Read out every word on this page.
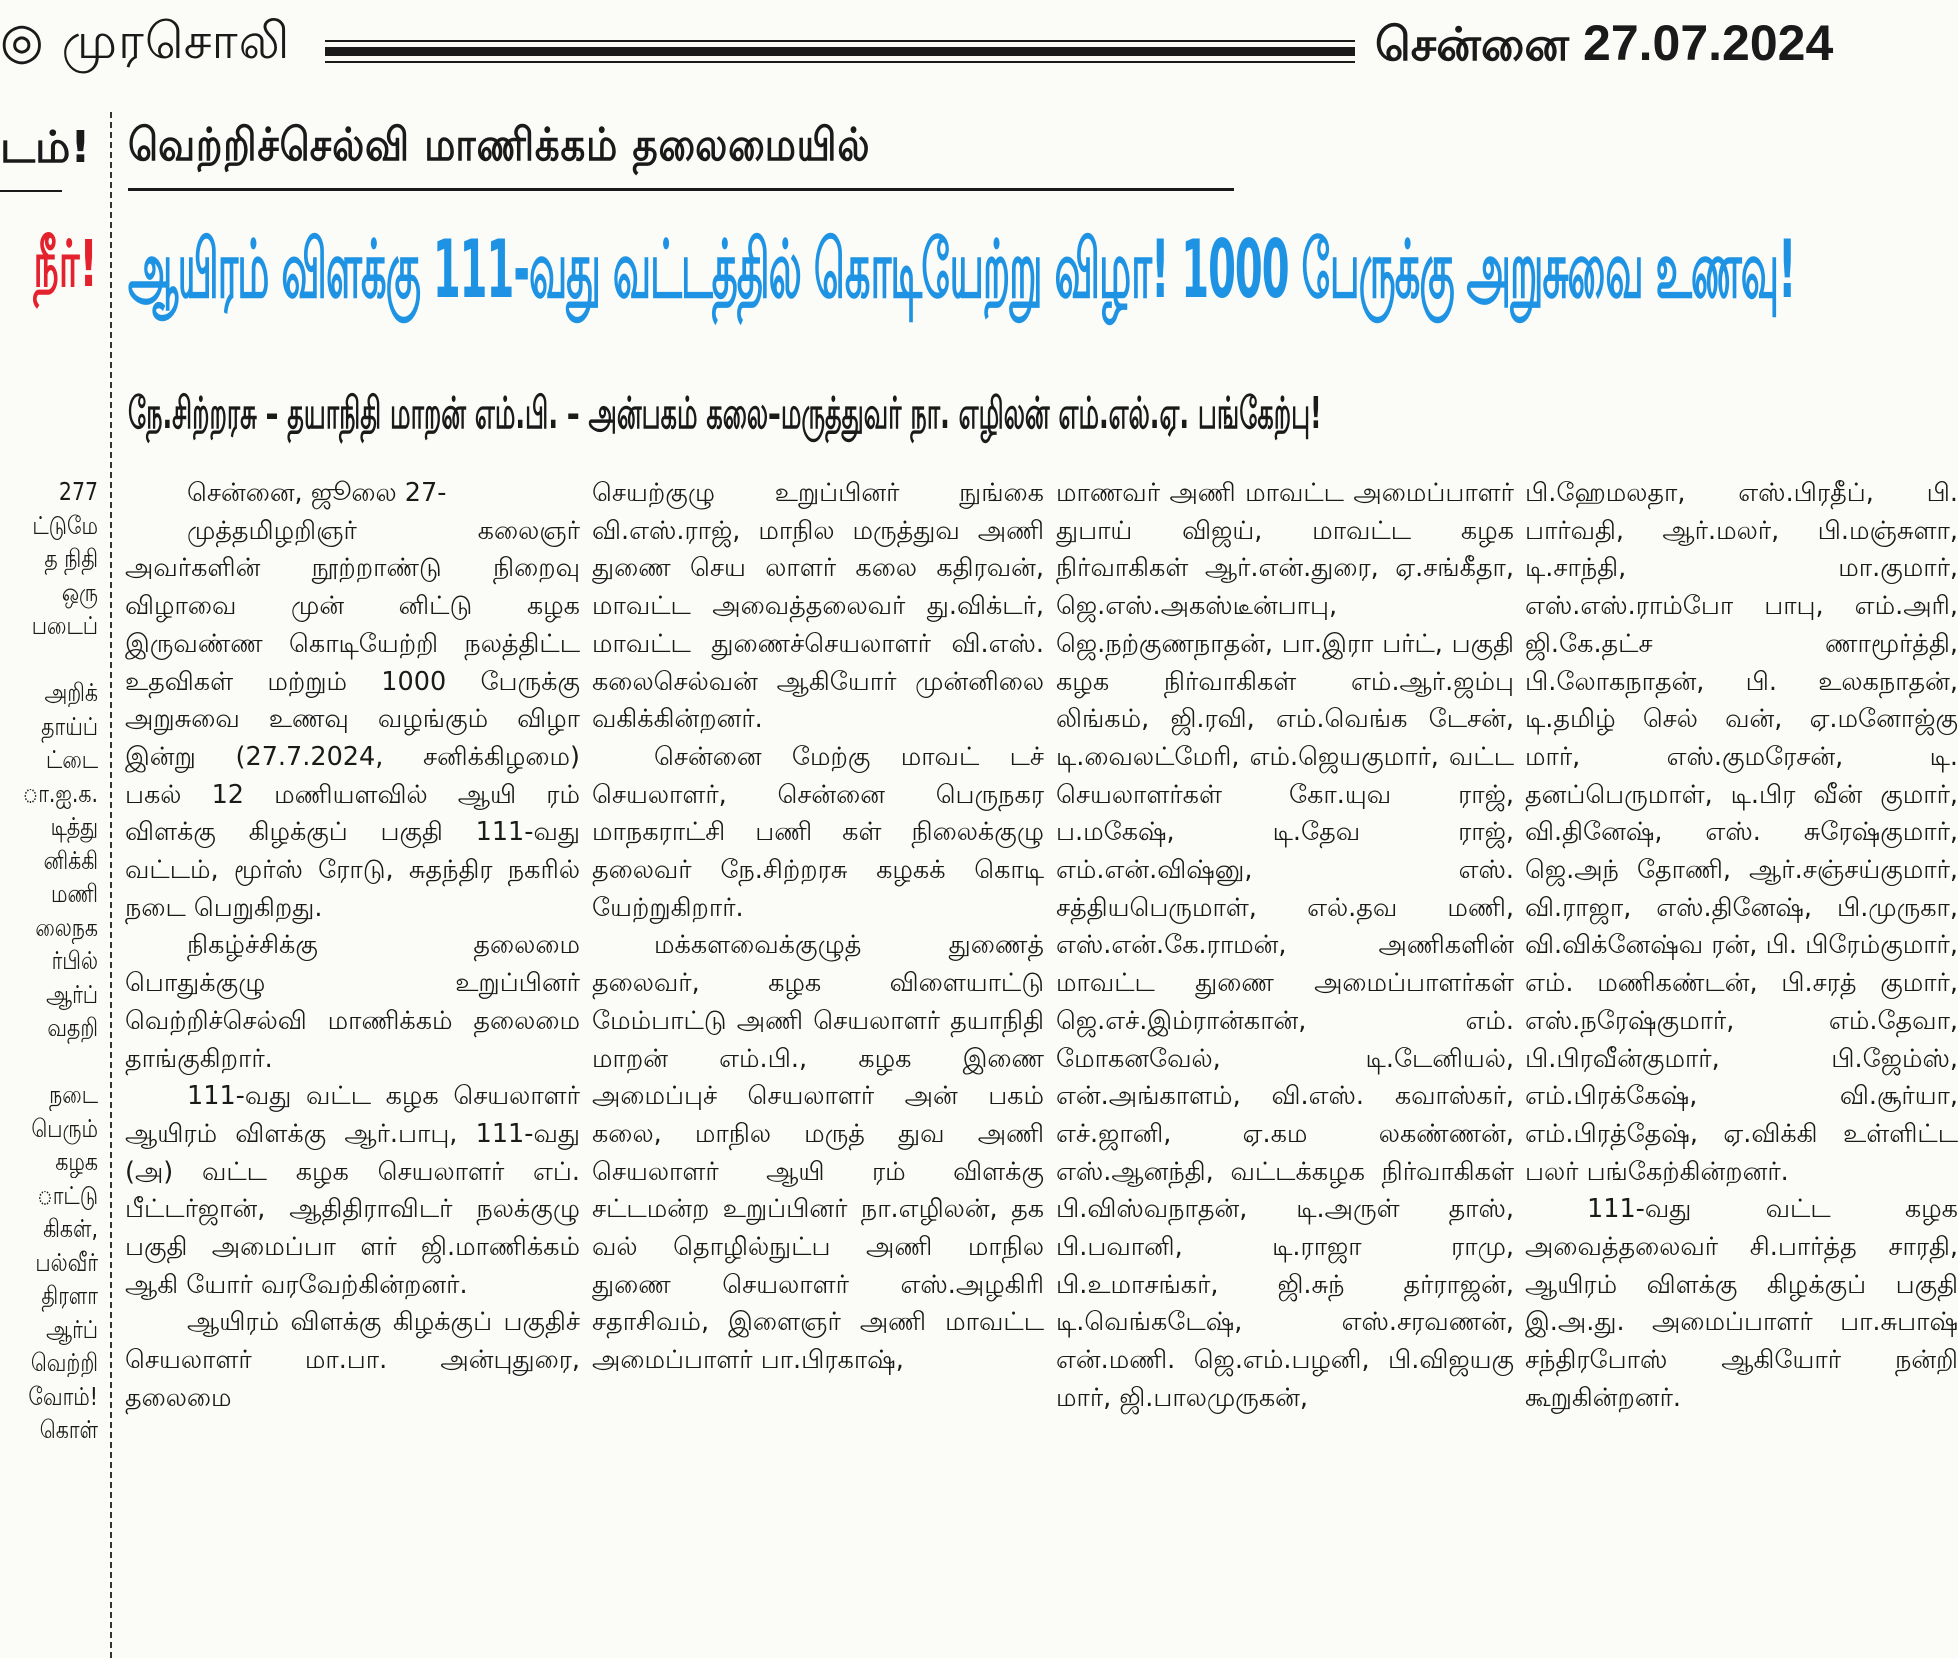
◎ முரசொலி	சென்னை 27.07.2024
டம்!
நீர்!
277
ட்டுமே
த நிதி
ஒரு
படைப்

அறிக்
தாய்ப்
ட்டை
ா.ஐ.க.
டித்து
னிக்கி
மணி
லைநக
ர்பில்
ஆர்ப்
வதறி

நடை
பெரும்
கழக
ாட்டு
கிகள்,
பல்வீர்
திரளா
ஆர்ப்
வெற்றி
வோம்!
கொள்
வெற்றிச்செல்வி மாணிக்கம் தலைமையில்
ஆயிரம் விளக்கு 111-வது வட்டத்தில் கொடியேற்று விழா! 1000 பேருக்கு அறுசுவை உணவு!
நே.சிற்றரசு – தயாநிதி மாறன் எம்.பி. – அன்பகம் கலை–மருத்துவர் நா. எழிலன் எம்.எல்.ஏ. பங்கேற்பு!

சென்னை, ஜூலை 27-

முத்தமிழறிஞர் கலைஞர் அவர்களின் நூற்றாண்டு நிறைவு விழாவை முன் னிட்டு கழக இருவண்ண கொடியேற்றி நலத்திட்ட உதவிகள் மற்றும் 1000 பேருக்கு அறுசுவை உணவு வழங்கும் விழா இன்று (27.7.2024, சனிக்கிழமை) பகல் 12 மணியளவில் ஆயி ரம் விளக்கு கிழக்குப் பகுதி 111-வது வட்டம், மூர்ஸ் ரோடு, சுதந்திர நகரில் நடை பெறுகிறது.

நிகழ்ச்சிக்கு தலைமை பொதுக்குழு உறுப்பினர் வெற்றிச்செல்வி மாணிக்கம் தலைமை தாங்குகிறார்.

111-வது வட்ட கழக செயலாளர் ஆயிரம் விளக்கு ஆர்.பாபு, 111-வது (அ) வட்ட கழக செயலாளர் எப். பீட்டர்ஜான், ஆதிதிராவிடர் நலக்குழு பகுதி அமைப்பா ளர் ஜி.மாணிக்கம் ஆகி யோர் வரவேற்கின்றனர்.

ஆயிரம் விளக்கு கிழக்குப் பகுதிச் செயலாளர் மா.பா. அன்புதுரை, தலைமை

செயற்குழு உறுப்பினர் நுங்கை வி.எஸ்.ராஜ், மாநில மருத்துவ அணி துணை செய லாளர் கலை கதிரவன், மாவட்ட அவைத்தலைவர் து.விக்டர், மாவட்ட துணைச்செயலாளர் வி.எஸ். கலைசெல்வன் ஆகியோர் முன்னிலை வகிக்கின்றனர்.

சென்னை மேற்கு மாவட் டச் செயலாளர், சென்னை பெருநகர மாநகராட்சி பணி கள் நிலைக்குழு தலைவர் நே.சிற்றரசு கழகக் கொடி யேற்றுகிறார்.

மக்களவைக்குழுத் துணைத் தலைவர், கழக விளையாட்டு மேம்பாட்டு அணி செயலாளர் தயாநிதி மாறன் எம்.பி., கழக இணை அமைப்புச் செயலாளர் அன் பகம் கலை, மாநில மருத் துவ அணி செயலாளர் ஆயி ரம் விளக்கு சட்டமன்ற உறுப்பினர் நா.எழிலன், தக வல் தொழில்நுட்ப அணி மாநில துணை செயலாளர் எஸ்.அழகிரி சதாசிவம், இளைஞர் அணி மாவட்ட அமைப்பாளர் பா.பிரகாஷ்,

மாணவர் அணி மாவட்ட அமைப்பாளர் துபாய் விஜய், மாவட்ட கழக நிர்வாகிகள் ஆர்.என்.துரை, ஏ.சங்கீதா, ஜெ.எஸ்.அகஸ்டீன்பாபு, ஜெ.நற்குணநாதன், பா.இரா பர்ட், பகுதி கழக நிர்வாகிகள் எம்.ஆர்.ஜம்பு லிங்கம், ஜி.ரவி, எம்.வெங்க டேசன், டி.வைலட்மேரி, எம்.ஜெயகுமார், வட்ட செயலாளர்கள் கோ.யுவ ராஜ், ப.மகேஷ், டி.தேவ ராஜ், எம்.என்.விஷ்னு, எஸ். சத்தியபெருமாள், எல்.தவ மணி, எஸ்.என்.கே.ராமன், அணிகளின் மாவட்ட துணை அமைப்பாளர்கள் ஜெ.எச்.இம்ரான்கான், எம். மோகனவேல், டி.டேனியல், என்.அங்காளம், வி.எஸ். கவாஸ்கர், எச்.ஜானி, ஏ.கம லகண்ணன், எஸ்.ஆனந்தி, வட்டக்கழக நிர்வாகிகள் பி.விஸ்வநாதன், டி.அருள் தாஸ், பி.பவானி, டி.ராஜா ராமு, பி.உமாசங்கர், ஜி.சுந் தர்ராஜன், டி.வெங்கடேஷ், எஸ்.சரவணன், என்.மணி. ஜெ.எம்.பழனி, பி.விஜயகு மார், ஜி.பாலமுருகன்,

பி.ஹேமலதா, எஸ்.பிரதீப், பி. பார்வதி, ஆர்.மலர், பி.மஞ்சுளா, டி.சாந்தி, மா.குமார், எஸ்.எஸ்.ராம்போ பாபு, எம்.அரி, ஜி.கே.தட்ச ணாமூர்த்தி, பி.லோகநாதன், பி. உலகநாதன், டி.தமிழ் செல் வன், ஏ.மனோஜ்கு மார், எஸ்.குமரேசன், டி. தனப்பெருமாள், டி.பிர வீன் குமார், வி.தினேஷ், எஸ். சுரேஷ்குமார், ஜெ.அந் தோணி, ஆர்.சஞ்சய்குமார், வி.ராஜா, எஸ்.தினேஷ், பி.முருகா, வி.விக்னேஷ்வ ரன், பி. பிரேம்குமார், எம். மணிகண்டன், பி.சரத் குமார், எஸ்.நரேஷ்குமார், எம்.தேவா, பி.பிரவீன்குமார், பி.ஜேம்ஸ், எம்.பிரக்கேஷ், வி.சூர்யா, எம்.பிரத்தேஷ், ஏ.விக்கி உள்ளிட்ட பலர் பங்கேற்கின்றனர்.

111-வது வட்ட கழக அவைத்தலைவர் சி.பார்த்த சாரதி, ஆயிரம் விளக்கு கிழக்குப் பகுதி இ.அ.து. அமைப்பாளர் பா.சுபாஷ் சந்திரபோஸ் ஆகியோர் நன்றி கூறுகின்றனர்.
